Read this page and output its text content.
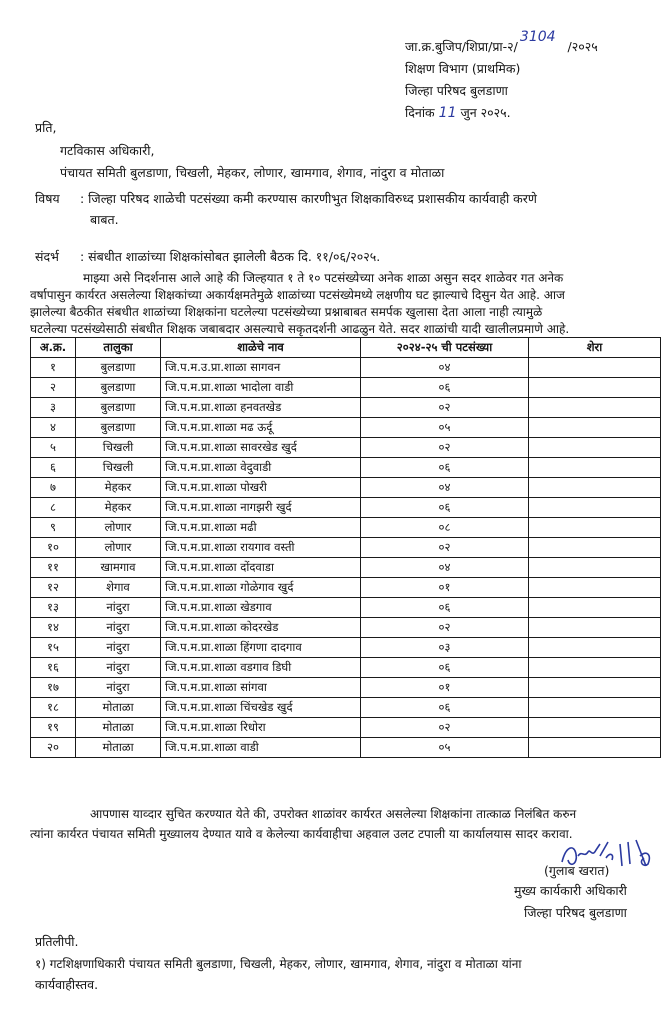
जा.क्र.बुजिप/शिप्रा/प्रा-२/3104/२०२५
शिक्षण विभाग (प्राथमिक)
जिल्हा परिषद बुलडाणा
दिनांक 11 जुन २०२५.
प्रति,
गटविकास अधिकारी,
पंचायत समिती बुलडाणा, चिखली, मेहकर, लोणार, खामगाव, शेगाव, नांदुरा व मोताळा
विषय : जिल्हा परिषद शाळेची पटसंख्या कमी करण्यास कारणीभुत शिक्षकाविरुध्द प्रशासकीय कार्यवाही करणे
बाबत.
संदर्भ : संबधीत शाळांच्या शिक्षकांसोबत झालेली बैठक दि. ११/०६/२०२५.
माझ्या असे निदर्शनास आले आहे की जिल्हयात १ ते १० पटसंख्येच्या अनेक शाळा असुन सदर शाळेवर गत अनेक
वर्षापासुन कार्यरत असलेल्या शिक्षकांच्या अकार्यक्षमतेमुळे शाळांच्या पटसंख्येमध्ये लक्षणीय घट झाल्याचे दिसुन येत आहे. आज
झालेल्या बैठकीत संबधीत शाळांच्या शिक्षकांना घटलेल्या पटसंख्येच्या प्रश्नाबाबत समर्पक खुलासा देता आला नाही त्यामुळे
घटलेल्या पटसंख्येसाठी संबधीत शिक्षक जबाबदार असल्याचे सकृतदर्शनी आढळुन येते. सदर शाळांची यादी खालीलप्रमाणे आहे.
अ.क्र.	तालुका	शाळेचे नाव	२०२४-२५ ची पटसंख्या	शेरा
१	बुलडाणा	जि.प.म.उ.प्रा.शाळा सागवन	०४	
२	बुलडाणा	जि.प.म.प्रा.शाळा भादोला वाडी	०६	
३	बुलडाणा	जि.प.म.प्रा.शाळा हनवतखेड	०२	
४	बुलडाणा	जि.प.म.प्रा.शाळा मढ ऊर्दू	०५	
५	चिखली	जि.प.म.प्रा.शाळा सावरखेड खुर्द	०२	
६	चिखली	जि.प.म.प्रा.शाळा वेदुवाडी	०६	
७	मेहकर	जि.प.म.प्रा.शाळा पोखरी	०४	
८	मेहकर	जि.प.म.प्रा.शाळा नागझरी खुर्द	०६	
९	लोणार	जि.प.म.प्रा.शाळा मढी	०८	
१०	लोणार	जि.प.म.प्रा.शाळा रायगाव वस्ती	०२	
११	खामगाव	जि.प.म.प्रा.शाळा दोंदवाडा	०४	
१२	शेगाव	जि.प.म.प्रा.शाळा गोळेगाव खुर्द	०१	
१३	नांदुरा	जि.प.म.प्रा.शाळा खेडगाव	०६	
१४	नांदुरा	जि.प.म.प्रा.शाळा कोदरखेड	०२	
१५	नांदुरा	जि.प.म.प्रा.शाळा हिंगणा दादगाव	०३	
१६	नांदुरा	जि.प.म.प्रा.शाळा वडगाव डिघी	०६	
१७	नांदुरा	जि.प.म.प्रा.शाळा सांगवा	०१	
१८	मोताळा	जि.प.म.प्रा.शाळा चिंचखेड खुर्द	०६	
१९	मोताळा	जि.प.म.प्रा.शाळा रिधोरा	०२	
२०	मोताळा	जि.प.म.प्रा.शाळा वाडी	०५	
आपणास याव्दार सुचित करण्यात येते की, उपरोक्त शाळांवर कार्यरत असलेल्या शिक्षकांना तात्काळ निलंबित करुन
त्यांना कार्यरत पंचायत समिती मुख्यालय देण्यात यावे व केलेल्या कार्यवाहीचा अहवाल उलट टपाली या कार्यालयास सादर करावा.
(गुलाब खरात)
मुख्य कार्यकारी अधिकारी
जिल्हा परिषद बुलडाणा
प्रतिलीपी.
१) गटशिक्षणाधिकारी पंचायत समिती बुलडाणा, चिखली, मेहकर, लोणार, खामगाव, शेगाव, नांदुरा व मोताळा यांना
कार्यवाहीस्तव.
